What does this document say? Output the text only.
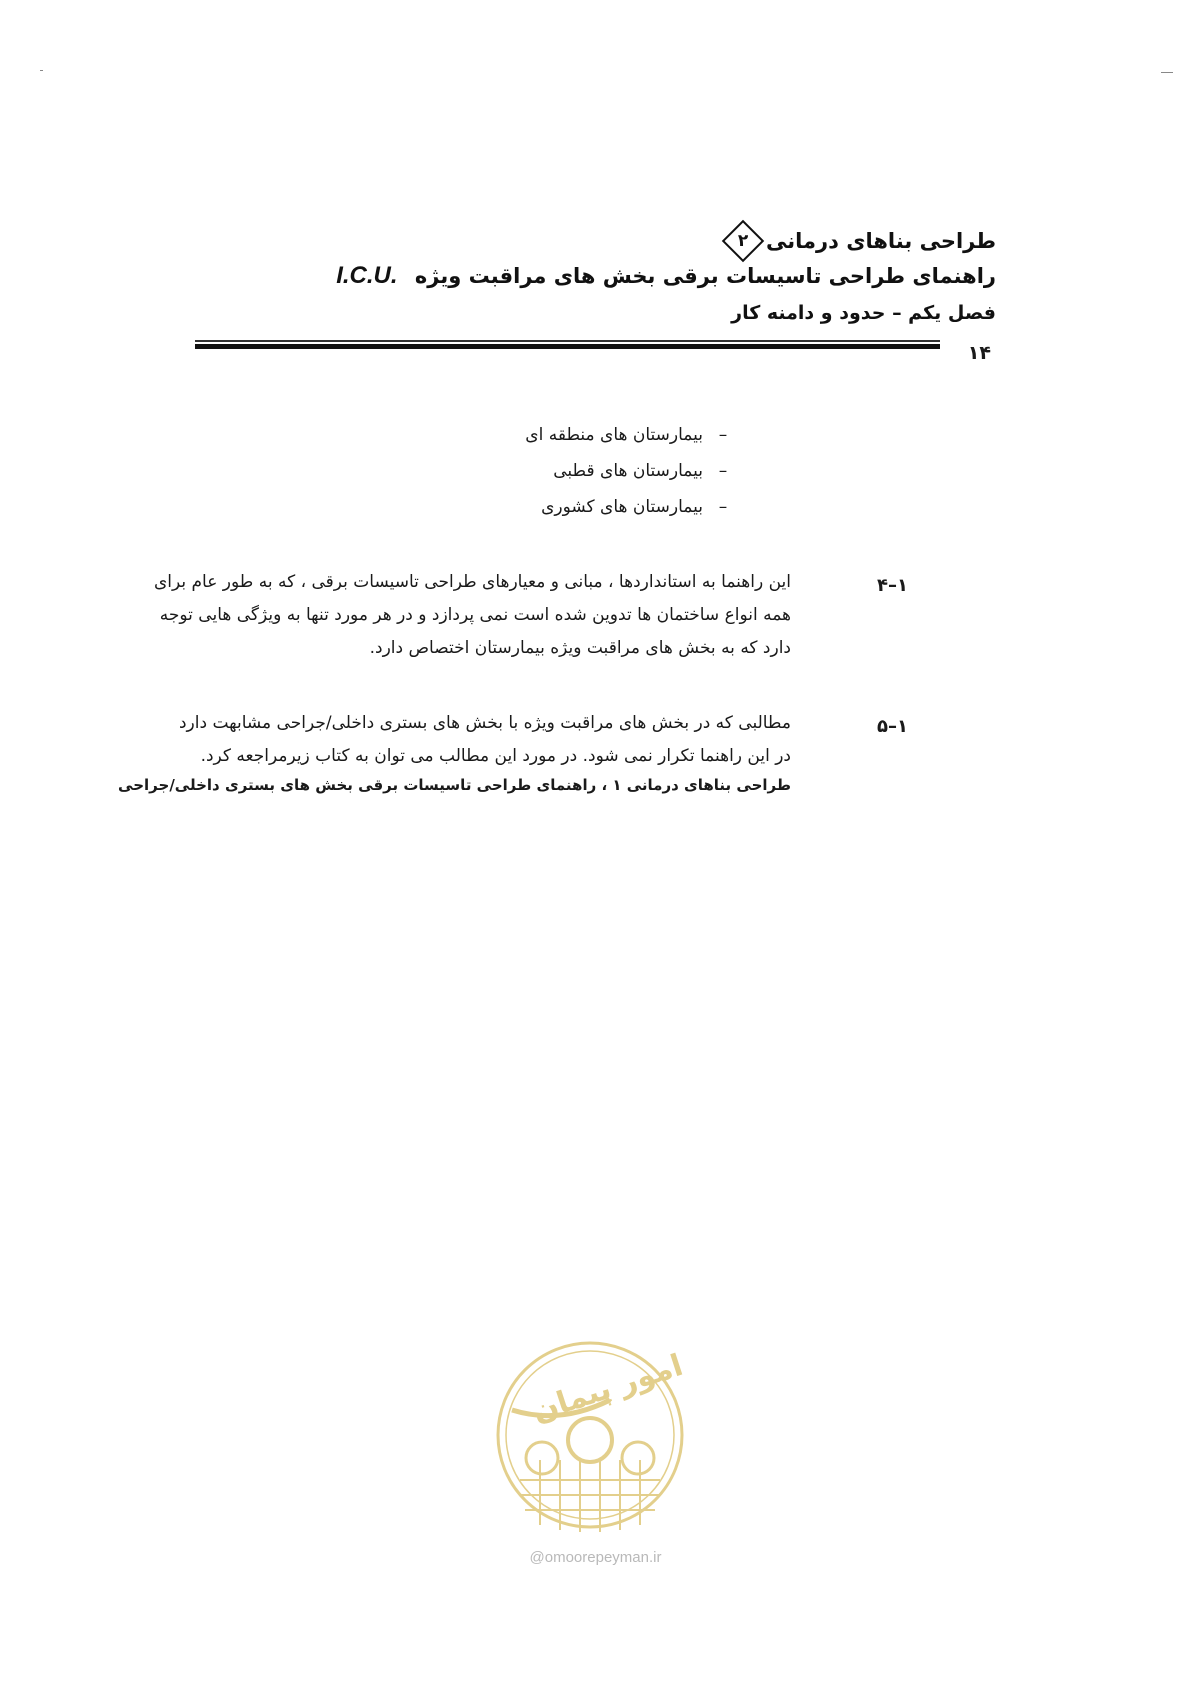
طراحی بناهای درمانی
۲
راهنمای طراحی تاسیسات برقی بخش های مراقبت ویژه I.C.U.
فصل یکم – حدود و دامنه کار
۱۴
–بیمارستان های منطقه ای
–بیمارستان های قطبی
–بیمارستان های کشوری
۱–۴
این راهنما به استانداردها ، مبانی و معیارهای طراحی تاسیسات برقی ، که به طور عام برای
همه انواع ساختمان ها تدوین شده است نمی پردازد و در هر مورد تنها به ویژگی هایی توجه
دارد که به بخش های مراقبت ویژه بیمارستان اختصاص دارد.
۱–۵
مطالبی که در بخش های مراقبت ویژه با بخش های بستری داخلی/جراحی مشابهت دارد
در این راهنما تکرار نمی شود. در مورد این مطالب می توان به کتاب زیرمراجعه کرد.
طراحی بناهای درمانی ۱ ، راهنمای طراحی تاسیسات برقی بخش های بستری داخلی/جراحی
امور پیمان
@omoorepeyman.ir
